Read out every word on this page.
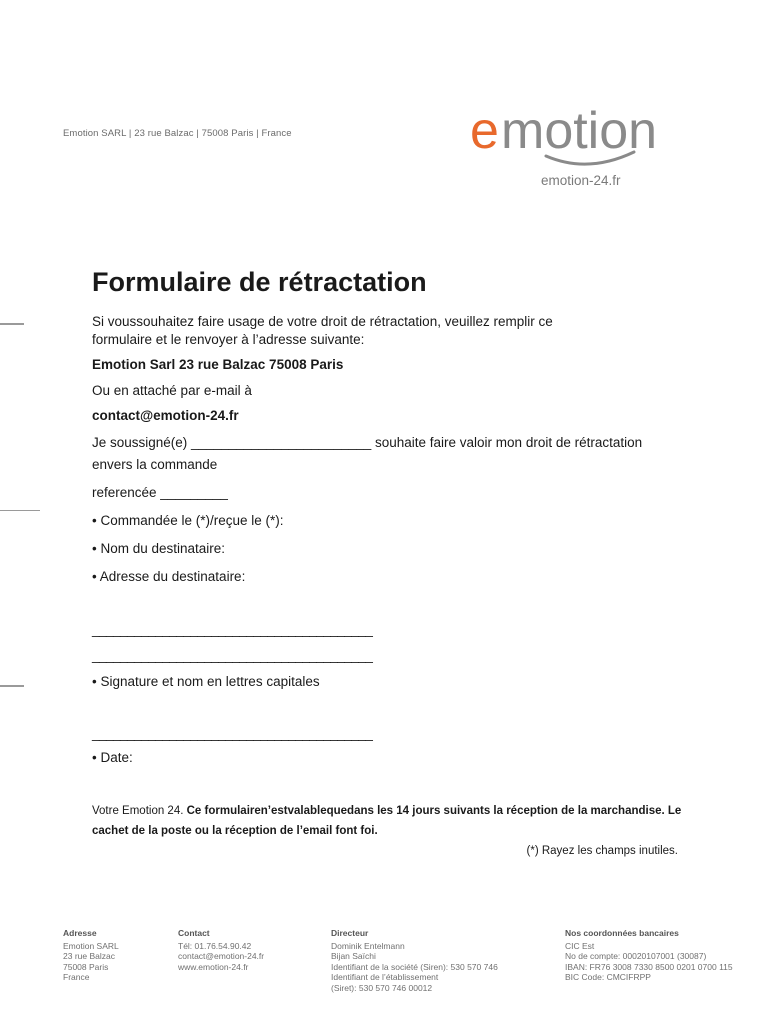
Emotion SARL | 23 rue Balzac | 75008 Paris | France	e motion
emotion-24.fr
Formulaire de rétractation
Si voussouhaitez faire usage de votre droit de rétractation, veuillez remplir ce
formulaire et le renvoyer à l’adresse suivante:
Emotion Sarl 23 rue Balzac 75008 Paris
Ou en attaché par e-mail à
contact@emotion-24.fr
Je soussigné(e) ________________________ souhaite faire valoir mon droit de rétractation
envers la commande
referencée _________
• Commandée le (*)/reçue le (*):
• Nom du destinataire:
• Adresse du destinataire:
________________________________________
________________________________________
• Signature et nom en lettres capitales
________________________________________
• Date:
Votre Emotion 24. Ce formulairen’estvalablequedans les 14 jours suivants la réception de la marchandise. Le cachet de la poste ou la réception de l’email font foi.
(*) Rayez les champs inutiles.
Adresse
Emotion SARL
23 rue Balzac
75008 Paris
France
Contact
Tél: 01.76.54.90.42
contact@emotion-24.fr
www.emotion-24.fr
Directeur
Dominik Entelmann
Bijan Saïchi
Identifiant de la société (Siren): 530 570 746
Identifiant de l’établissement
(Siret): 530 570 746 00012
Nos coordonnées bancaires
CIC Est
No de compte: 00020107001 (30087)
IBAN: FR76 3008 7330 8500 0201 0700 115
BIC Code: CMCIFRPP
